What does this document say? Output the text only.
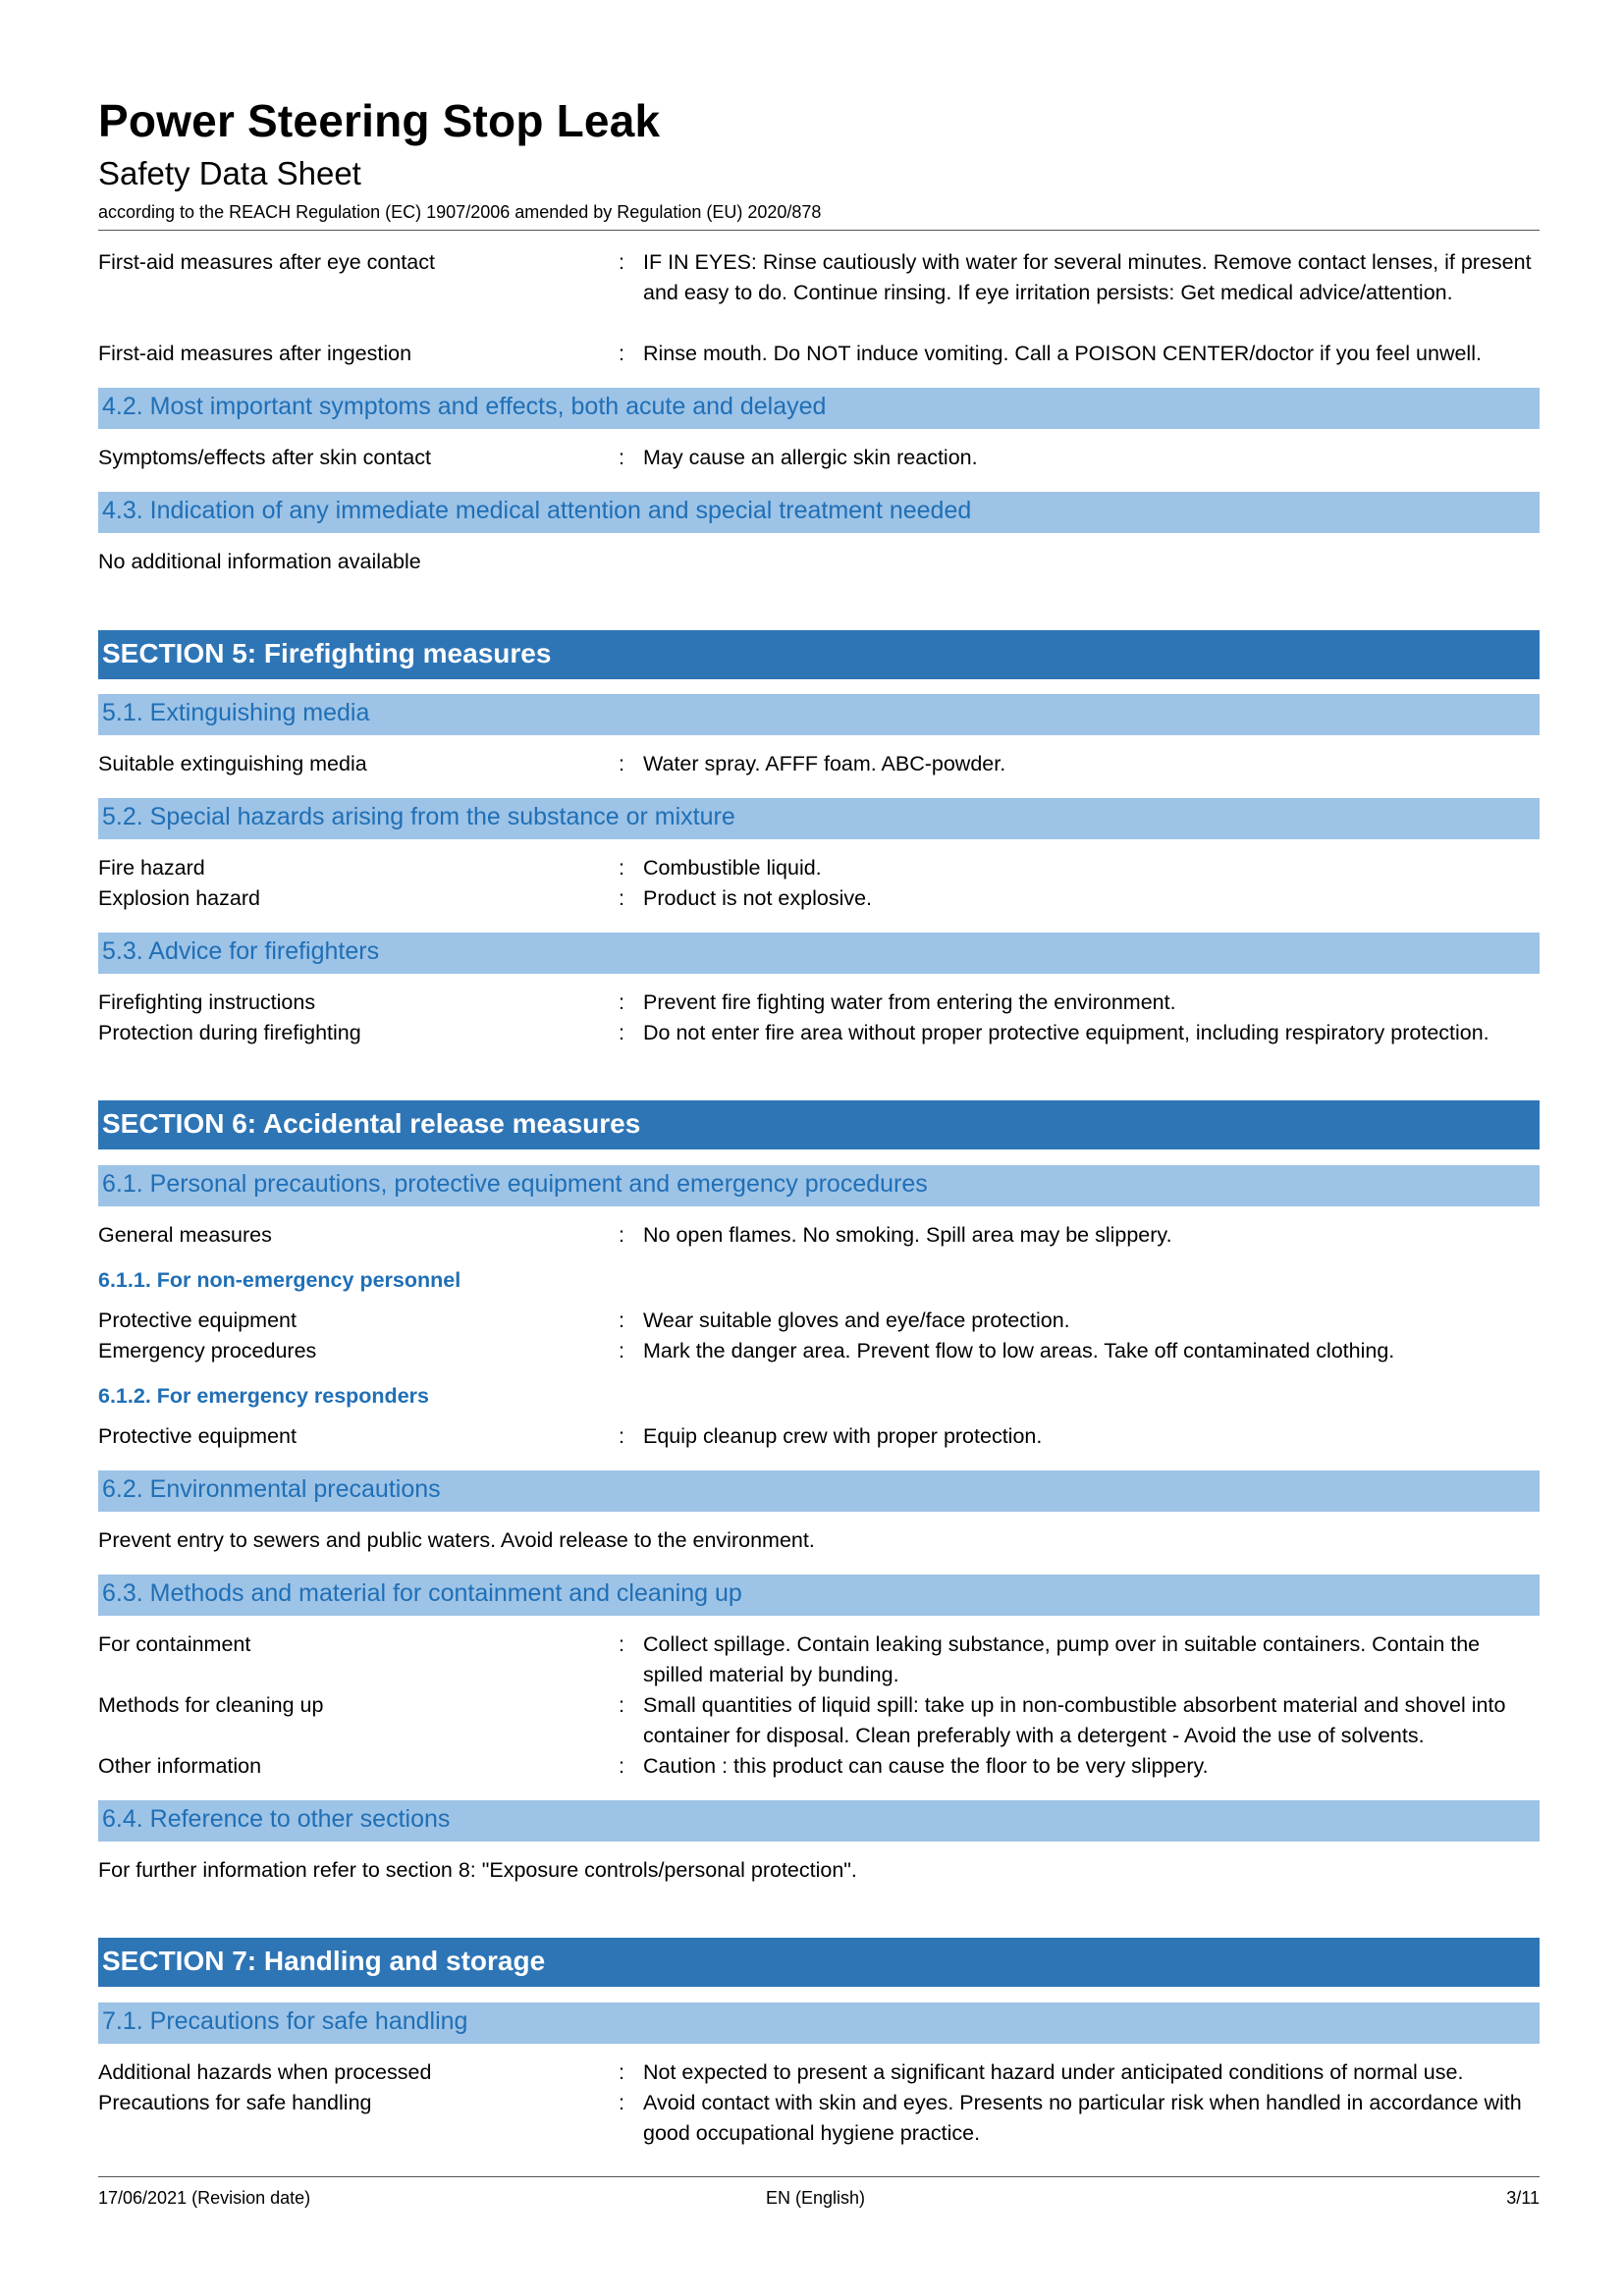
Power Steering Stop Leak
Safety Data Sheet
according to the REACH Regulation (EC) 1907/2006 amended by Regulation (EU) 2020/878
First-aid measures after eye contact	: IF IN EYES: Rinse cautiously with water for several minutes. Remove contact lenses, if present and easy to do. Continue rinsing. If eye irritation persists: Get medical advice/attention.
First-aid measures after ingestion	: Rinse mouth. Do NOT induce vomiting. Call a POISON CENTER/doctor if you feel unwell.
4.2. Most important symptoms and effects, both acute and delayed
Symptoms/effects after skin contact	: May cause an allergic skin reaction.
4.3. Indication of any immediate medical attention and special treatment needed
No additional information available
SECTION 5: Firefighting measures
5.1. Extinguishing media
Suitable extinguishing media	: Water spray. AFFF foam. ABC-powder.
5.2. Special hazards arising from the substance or mixture
Fire hazard	: Combustible liquid.
Explosion hazard	: Product is not explosive.
5.3. Advice for firefighters
Firefighting instructions	: Prevent fire fighting water from entering the environment.
Protection during firefighting	: Do not enter fire area without proper protective equipment, including respiratory protection.
SECTION 6: Accidental release measures
6.1. Personal precautions, protective equipment and emergency procedures
General measures	: No open flames. No smoking. Spill area may be slippery.
6.1.1. For non-emergency personnel
Protective equipment	: Wear suitable gloves and eye/face protection.
Emergency procedures	: Mark the danger area. Prevent flow to low areas. Take off contaminated clothing.
6.1.2. For emergency responders
Protective equipment	: Equip cleanup crew with proper protection.
6.2. Environmental precautions
Prevent entry to sewers and public waters. Avoid release to the environment.
6.3. Methods and material for containment and cleaning up
For containment	: Collect spillage. Contain leaking substance, pump over in suitable containers. Contain the spilled material by bunding.
Methods for cleaning up	: Small quantities of liquid spill: take up in non-combustible absorbent material and shovel into container for disposal. Clean preferably with a detergent - Avoid the use of solvents.
Other information	: Caution : this product can cause the floor to be very slippery.
6.4. Reference to other sections
For further information refer to section 8: "Exposure controls/personal protection".
SECTION 7: Handling and storage
7.1. Precautions for safe handling
Additional hazards when processed	: Not expected to present a significant hazard under anticipated conditions of normal use.
Precautions for safe handling	: Avoid contact with skin and eyes. Presents no particular risk when handled in accordance with good occupational hygiene practice.
17/06/2021 (Revision date)	EN (English)	3/11
